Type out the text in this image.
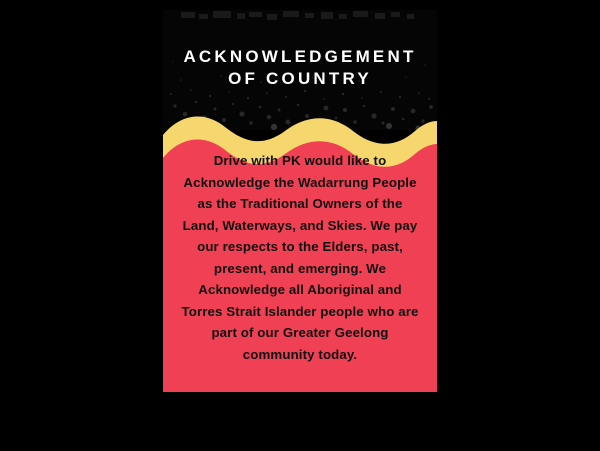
ACKNOWLEDGEMENT
OF COUNTRY
Drive with PK would like to Acknowledge the Wadarrung People as the Traditional Owners of the Land, Waterways, and Skies. We pay our respects to the Elders, past, present, and emerging. We Acknowledge all Aboriginal and Torres Strait Islander people who are part of our Greater Geelong community today.
